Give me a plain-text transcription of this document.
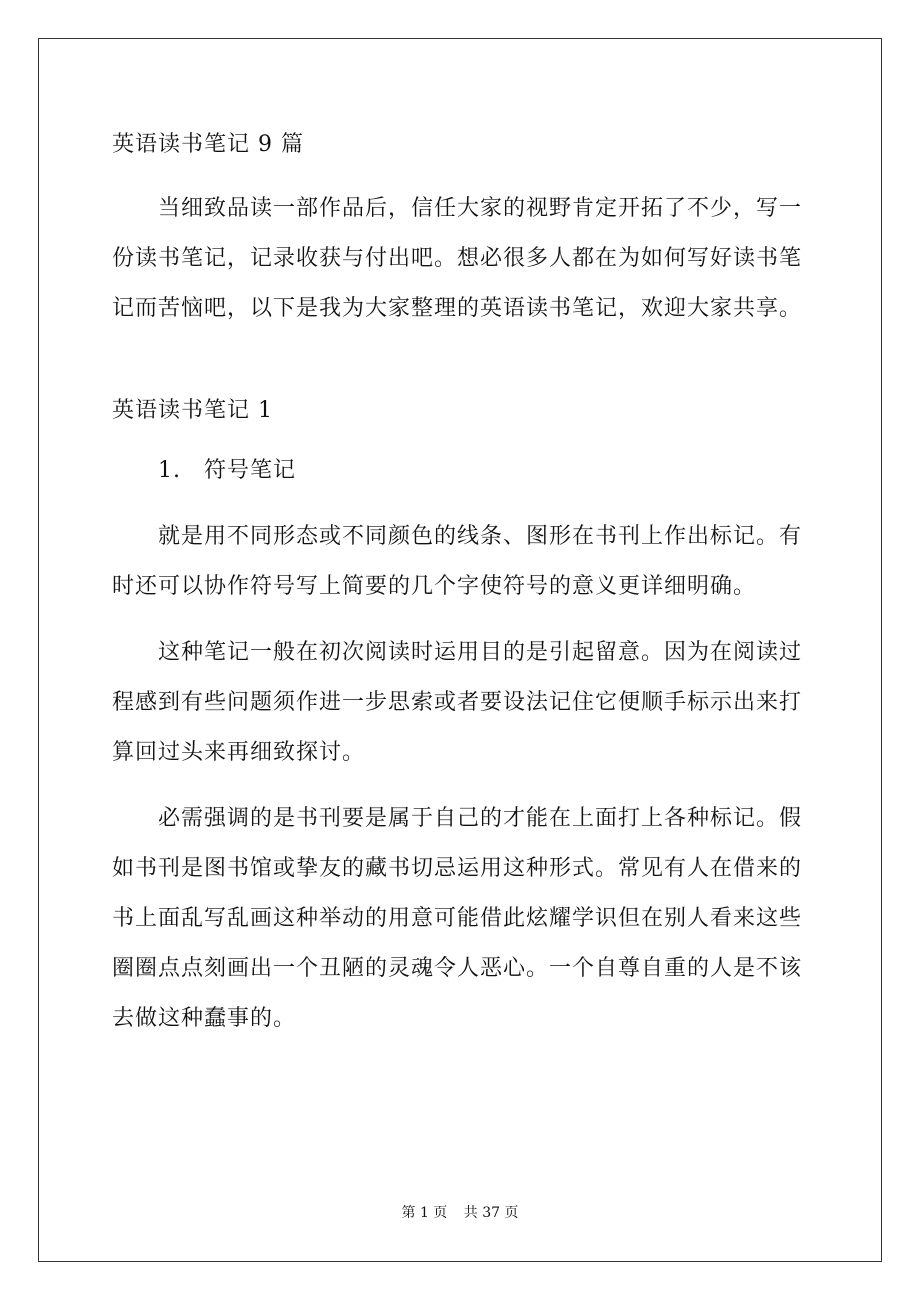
英语读书笔记 9 篇

当细致品读一部作品后，信任大家的视野肯定开拓了不少，写一份读书笔记，记录收获与付出吧。想必很多人都在为如何写好读书笔记而苦恼吧，以下是我为大家整理的英语读书笔记，欢迎大家共享。

英语读书笔记 1

1. 符号笔记

就是用不同形态或不同颜色的线条、图形在书刊上作出标记。有时还可以协作符号写上简要的几个字使符号的意义更详细明确。

这种笔记一般在初次阅读时运用目的是引起留意。因为在阅读过程感到有些问题须作进一步思索或者要设法记住它便顺手标示出来打算回过头来再细致探讨。

必需强调的是书刊要是属于自己的才能在上面打上各种标记。假如书刊是图书馆或挚友的藏书切忌运用这种形式。常见有人在借来的书上面乱写乱画这种举动的用意可能借此炫耀学识但在别人看来这些圈圈点点刻画出一个丑陋的灵魂令人恶心。一个自尊自重的人是不该去做这种蠢事的。

第 1 页 共 37 页
